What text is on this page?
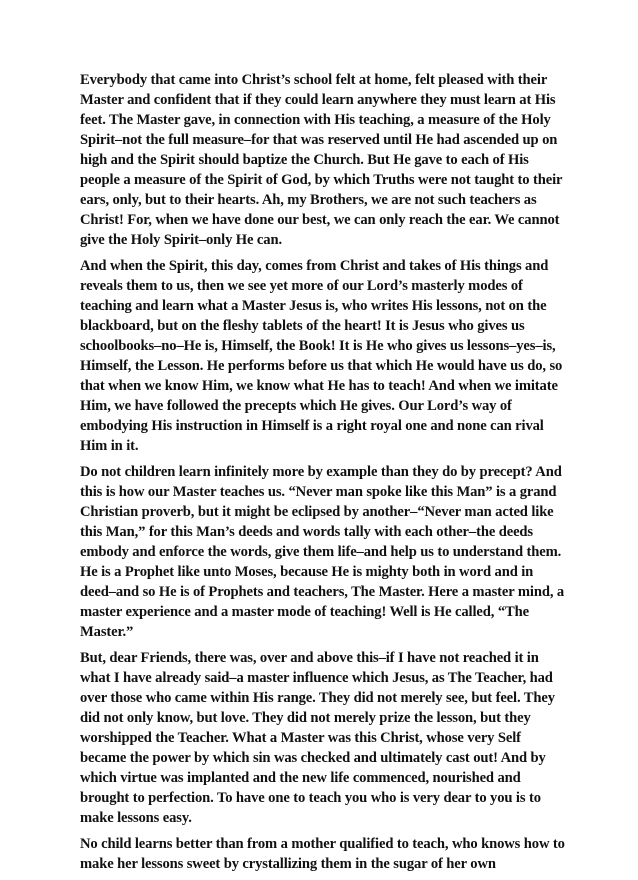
Everybody that came into Christ’s school felt at home, felt pleased with their Master and confident that if they could learn anywhere they must learn at His feet. The Master gave, in connection with His teaching, a measure of the Holy Spirit–not the full measure–for that was reserved until He had ascended up on high and the Spirit should baptize the Church. But He gave to each of His people a measure of the Spirit of God, by which Truths were not taught to their ears, only, but to their hearts. Ah, my Brothers, we are not such teachers as Christ! For, when we have done our best, we can only reach the ear. We cannot give the Holy Spirit–only He can.

And when the Spirit, this day, comes from Christ and takes of His things and reveals them to us, then we see yet more of our Lord’s masterly modes of teaching and learn what a Master Jesus is, who writes His lessons, not on the blackboard, but on the fleshy tablets of the heart! It is Jesus who gives us schoolbooks–no–He is, Himself, the Book! It is He who gives us lessons–yes–is, Himself, the Lesson. He performs before us that which He would have us do, so that when we know Him, we know what He has to teach! And when we imitate Him, we have followed the precepts which He gives. Our Lord’s way of embodying His instruction in Himself is a right royal one and none can rival Him in it.

Do not children learn infinitely more by example than they do by precept? And this is how our Master teaches us. “Never man spoke like this Man” is a grand Christian proverb, but it might be eclipsed by another–“Never man acted like this Man,” for this Man’s deeds and words tally with each other–the deeds embody and enforce the words, give them life–and help us to understand them. He is a Prophet like unto Moses, because He is mighty both in word and in deed–and so He is of Prophets and teachers, The Master. Here a master mind, a master experience and a master mode of teaching! Well is He called, “The Master.”

But, dear Friends, there was, over and above this–if I have not reached it in what I have already said–a master influence which Jesus, as The Teacher, had over those who came within His range. They did not merely see, but feel. They did not only know, but love. They did not merely prize the lesson, but they worshipped the Teacher. What a Master was this Christ, whose very Self became the power by which sin was checked and ultimately cast out! And by which virtue was implanted and the new life commenced, nourished and brought to perfection. To have one to teach you who is very dear to you is to make lessons easy.

No child learns better than from a mother qualified to teach, who knows how to make her lessons sweet by crystallizing them in the sugar of her own
